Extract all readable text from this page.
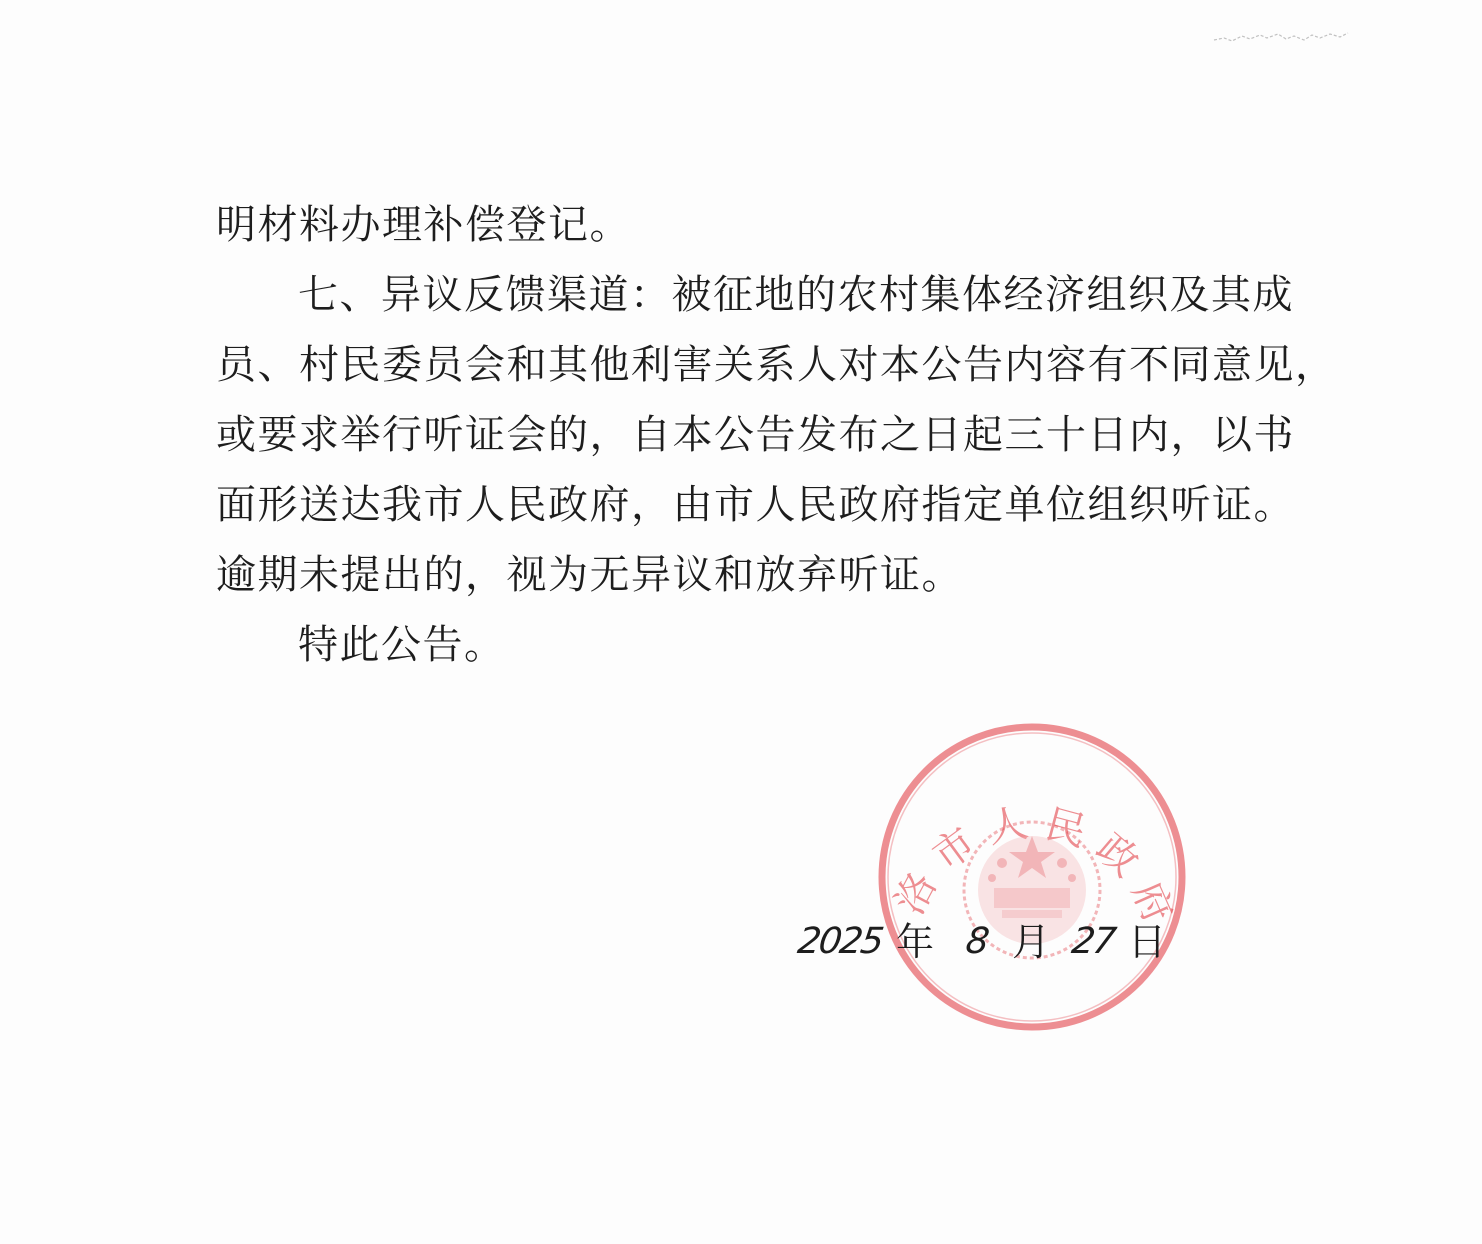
明材料办理补偿登记。
七、异议反馈渠道：被征地的农村集体经济组织及其成
员、村民委员会和其他利害关系人对本公告内容有不同意见，
或要求举行听证会的，自本公告发布之日起三十日内，以书
面形送达我市人民政府，由市人民政府指定单位组织听证。
逾期未提出的，视为无异议和放弃听证。
特此公告。
洛 市 人 民 政 府
2025 年 8 月 27 日
